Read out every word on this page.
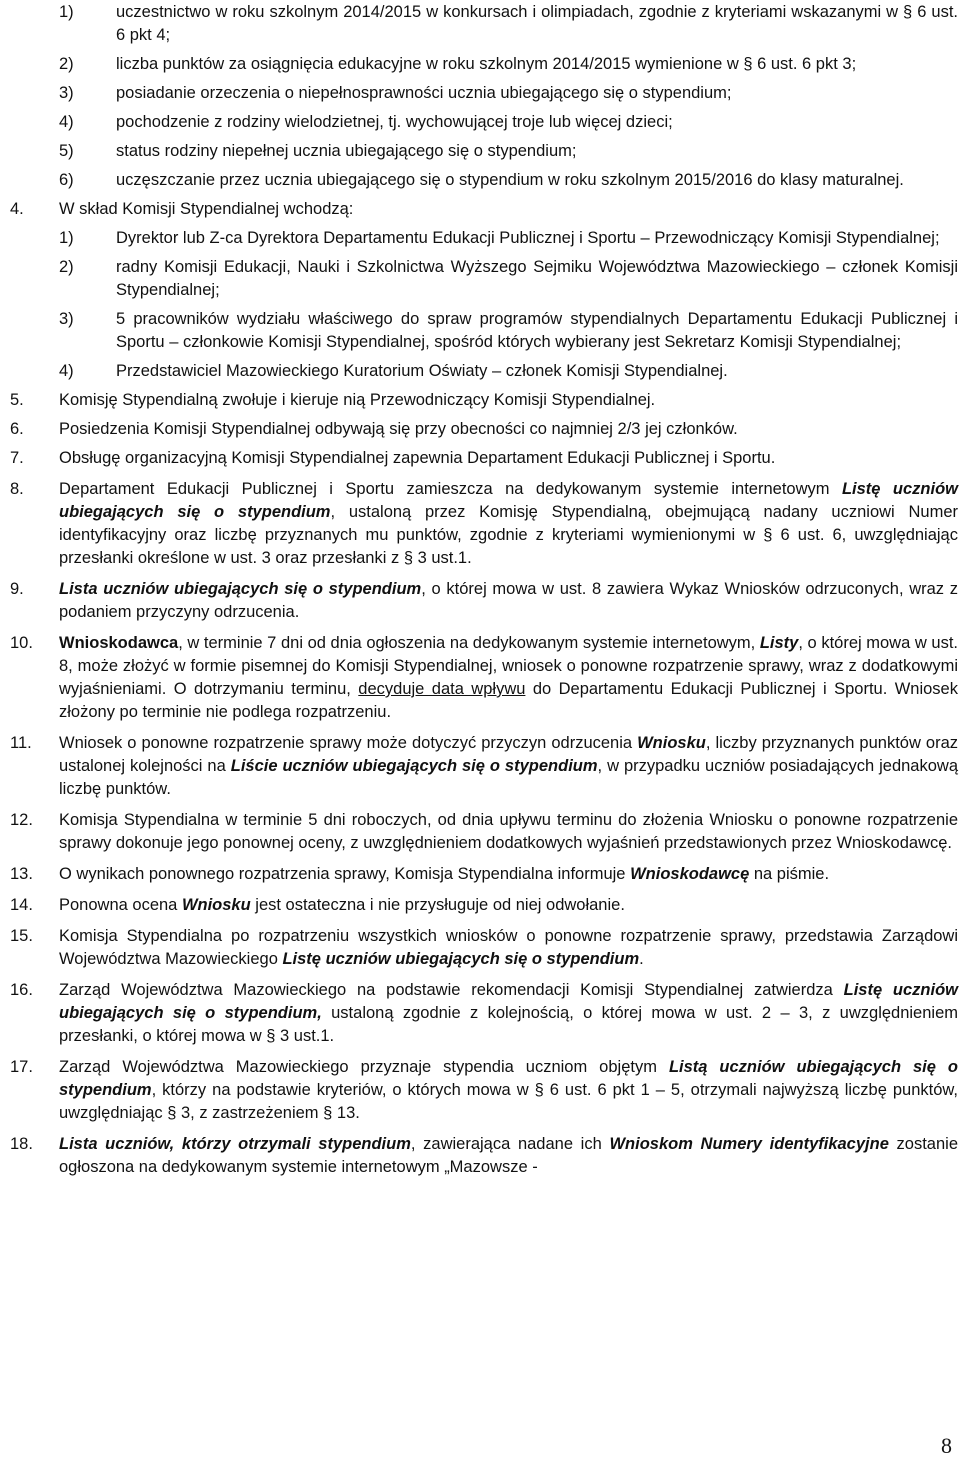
1)	uczestnictwo w roku szkolnym 2014/2015 w konkursach i olimpiadach, zgodnie z kryteriami wskazanymi w § 6 ust. 6 pkt 4;
2)	liczba punktów za osiągnięcia edukacyjne w roku szkolnym 2014/2015 wymienione w § 6 ust. 6 pkt 3;
3)	posiadanie orzeczenia o niepełnosprawności ucznia ubiegającego się o stypendium;
4)	pochodzenie z rodziny wielodzietnej, tj. wychowującej troje lub więcej dzieci;
5)	status rodziny niepełnej ucznia ubiegającego się o stypendium;
6)	uczęszczanie przez ucznia ubiegającego się o stypendium w roku szkolnym 2015/2016 do klasy maturalnej.
4. W skład Komisji Stypendialnej wchodzą:
1)	Dyrektor lub Z-ca Dyrektora Departamentu Edukacji Publicznej i Sportu – Przewodniczący Komisji Stypendialnej;
2)	radny Komisji Edukacji, Nauki i Szkolnictwa Wyższego Sejmiku Województwa Mazowieckiego – członek Komisji Stypendialnej;
3)	5 pracowników wydziału właściwego do spraw programów stypendialnych Departamentu Edukacji Publicznej i Sportu – członkowie Komisji Stypendialnej, spośród których wybierany jest Sekretarz Komisji Stypendialnej;
4)	Przedstawiciel Mazowieckiego Kuratorium Oświaty – członek Komisji Stypendialnej.
5. Komisję Stypendialną zwołuje i kieruje nią Przewodniczący Komisji Stypendialnej.
6. Posiedzenia Komisji Stypendialnej odbywają się przy obecności co najmniej 2/3 jej członków.
7. Obsługę organizacyjną Komisji Stypendialnej zapewnia Departament Edukacji Publicznej i Sportu.
8. Departament Edukacji Publicznej i Sportu zamieszcza na dedykowanym systemie internetowym Listę uczniów ubiegających się o stypendium, ustaloną przez Komisję Stypendialną, obejmującą nadany uczniowi Numer identyfikacyjny oraz liczbę przyznanych mu punktów, zgodnie z kryteriami wymienionymi w § 6 ust. 6, uwzględniając przesłanki określone w ust. 3 oraz przesłanki z § 3 ust.1.
9. Lista uczniów ubiegających się o stypendium, o której mowa w ust. 8 zawiera Wykaz Wniosków odrzuconych, wraz z podaniem przyczyny odrzucenia.
10. Wnioskodawca, w terminie 7 dni od dnia ogłoszenia na dedykowanym systemie internetowym, Listy, o której mowa w ust. 8, może złożyć w formie pisemnej do Komisji Stypendialnej, wniosek o ponowne rozpatrzenie sprawy, wraz z dodatkowymi wyjaśnieniami. O dotrzymaniu terminu, decyduje data wpływu do Departamentu Edukacji Publicznej i Sportu. Wniosek złożony po terminie nie podlega rozpatrzeniu.
11. Wniosek o ponowne rozpatrzenie sprawy może dotyczyć przyczyn odrzucenia Wniosku, liczby przyznanych punktów oraz ustalonej kolejności na Liście uczniów ubiegających się o stypendium, w przypadku uczniów posiadających jednakową liczbę punktów.
12. Komisja Stypendialna w terminie 5 dni roboczych, od dnia upływu terminu do złożenia Wniosku o ponowne rozpatrzenie sprawy dokonuje jego ponownej oceny, z uwzględnieniem dodatkowych wyjaśnień przedstawionych przez Wnioskodawcę.
13. O wynikach ponownego rozpatrzenia sprawy, Komisja Stypendialna informuje Wnioskodawcę na piśmie.
14. Ponowna ocena Wniosku jest ostateczna i nie przysługuje od niej odwołanie.
15. Komisja Stypendialna po rozpatrzeniu wszystkich wniosków o ponowne rozpatrzenie sprawy, przedstawia Zarządowi Województwa Mazowieckiego Listę uczniów ubiegających się o stypendium.
16. Zarząd Województwa Mazowieckiego na podstawie rekomendacji Komisji Stypendialnej zatwierdza Listę uczniów ubiegających się o stypendium, ustaloną zgodnie z kolejnością, o której mowa w ust. 2 – 3, z uwzględnieniem przesłanki, o której mowa w § 3 ust.1.
17. Zarząd Województwa Mazowieckiego przyznaje stypendia uczniom objętym Listą uczniów ubiegających się o stypendium, którzy na podstawie kryteriów, o których mowa w § 6 ust. 6 pkt 1 – 5, otrzymali najwyższą liczbę punktów, uwzględniając § 3, z zastrzeżeniem § 13.
18. Lista uczniów, którzy otrzymali stypendium, zawierająca nadane ich Wnioskom Numery identyfikacyjne zostanie ogłoszona na dedykowanym systemie internetowym „Mazowsze -
8
